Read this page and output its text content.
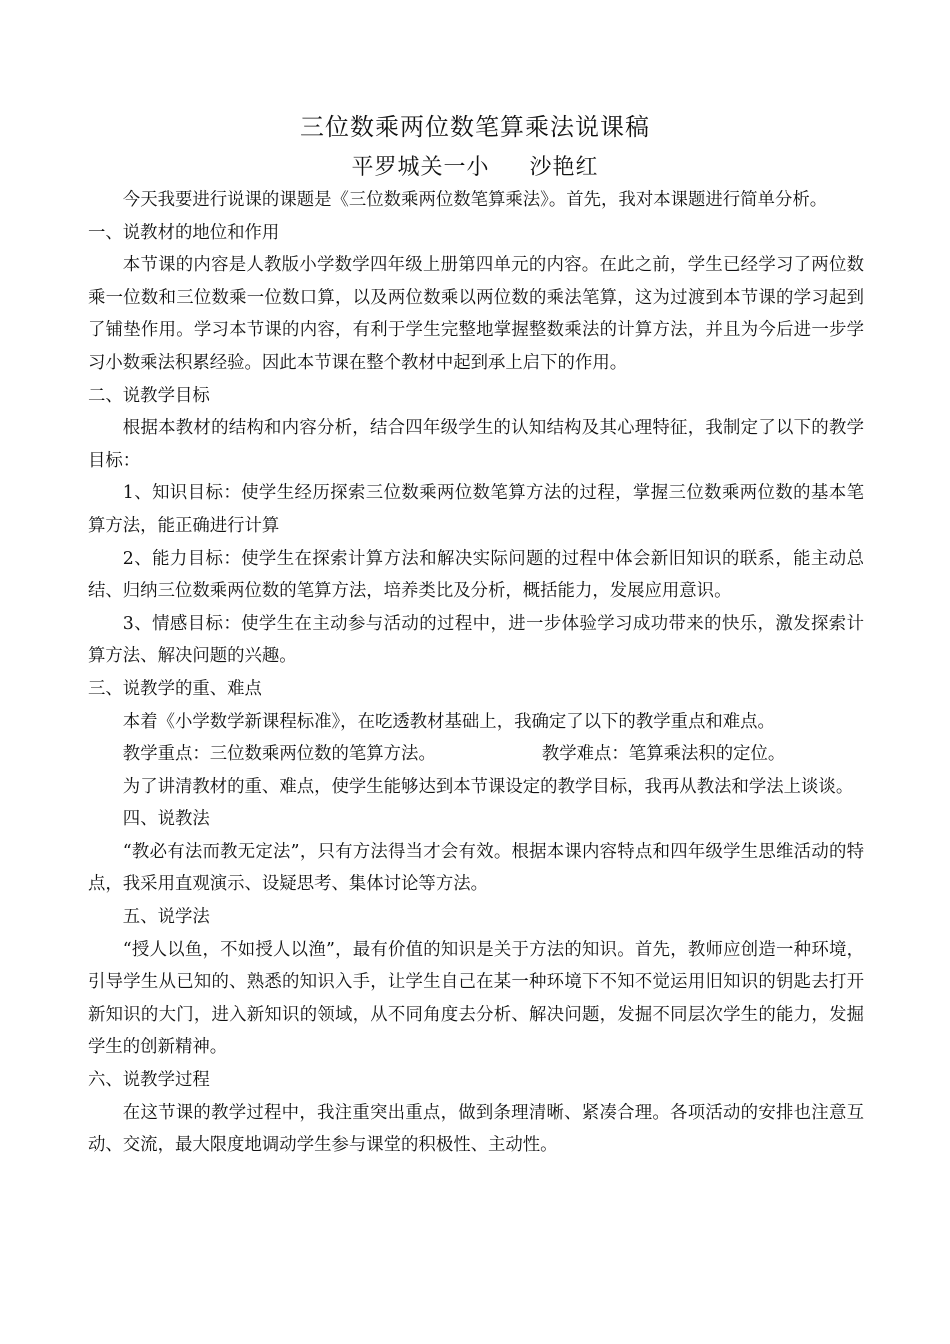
三位数乘两位数笔算乘法说课稿
平罗城关一小     沙艳红

今天我要进行说课的课题是《三位数乘两位数笔算乘法》。首先，我对本课题进行简单分析。

一、说教材的地位和作用

本节课的内容是人教版小学数学四年级上册第四单元的内容。在此之前，学生已经学习了两位数乘一位数和三位数乘一位数口算，以及两位数乘以两位数的乘法笔算，这为过渡到本节课的学习起到了铺垫作用。学习本节课的内容，有利于学生完整地掌握整数乘法的计算方法，并且为今后进一步学习小数乘法积累经验。因此本节课在整个教材中起到承上启下的作用。

二、说教学目标

根据本教材的结构和内容分析，结合四年级学生的认知结构及其心理特征，我制定了以下的教学目标：

1、知识目标：使学生经历探索三位数乘两位数笔算方法的过程，掌握三位数乘两位数的基本笔算方法，能正确进行计算

2、能力目标：使学生在探索计算方法和解决实际问题的过程中体会新旧知识的联系，能主动总结、归纳三位数乘两位数的笔算方法，培养类比及分析，概括能力，发展应用意识。

3、情感目标：使学生在主动参与活动的过程中，进一步体验学习成功带来的快乐，激发探索计算方法、解决问题的兴趣。

三、说教学的重、难点

本着《小学数学新课程标准》，在吃透教材基础上，我确定了以下的教学重点和难点。

教学重点：三位数乘两位数的笔算方法。	教学难点：笔算乘法积的定位。

为了讲清教材的重、难点，使学生能够达到本节课设定的教学目标，我再从教法和学法上谈谈。

四、说教法

“教必有法而教无定法”，只有方法得当才会有效。根据本课内容特点和四年级学生思维活动的特点，我采用直观演示、设疑思考、集体讨论等方法。

五、说学法

“授人以鱼，不如授人以渔”，最有价值的知识是关于方法的知识。首先，教师应创造一种环境，引导学生从已知的、熟悉的知识入手，让学生自己在某一种环境下不知不觉运用旧知识的钥匙去打开新知识的大门，进入新知识的领域，从不同角度去分析、解决问题，发掘不同层次学生的能力，发掘学生的创新精神。

六、说教学过程

在这节课的教学过程中，我注重突出重点，做到条理清晰、紧凑合理。各项活动的安排也注意互动、交流，最大限度地调动学生参与课堂的积极性、主动性。
